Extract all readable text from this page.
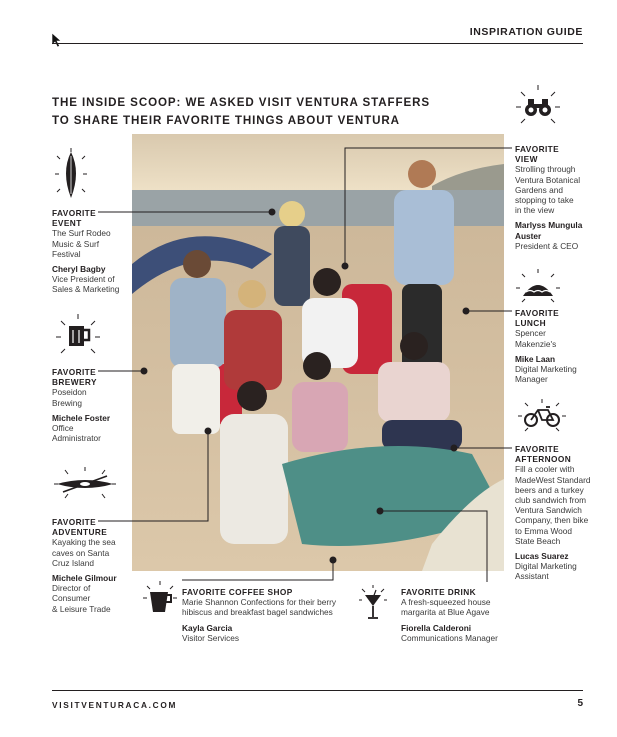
INSPIRATION GUIDE
THE INSIDE SCOOP: WE ASKED VISIT VENTURA STAFFERS
TO SHARE THEIR FAVORITE THINGS ABOUT VENTURA
FAVORITE
EVENT
The Surf Rodeo
Music & Surf
Festival
Cheryl Bagby
Vice President of
Sales & Marketing
FAVORITE
BREWERY
Poseidon
Brewing
Michele Foster
Office
Administrator
FAVORITE
ADVENTURE
Kayaking the sea
caves on Santa
Cruz Island
Michele Gilmour
Director of
Consumer
& Leisure Trade
FAVORITE
VIEW
Strolling through
Ventura Botanical
Gardens and
stopping to take
in the view
Marlyss Mungula
Auster
President & CEO
FAVORITE
LUNCH
Spencer
Makenzie's
Mike Laan
Digital Marketing
Manager
FAVORITE
AFTERNOON
Fill a cooler with
MadeWest Standard
beers and a turkey
club sandwich from
Ventura Sandwich
Company, then bike
to Emma Wood
State Beach
Lucas Suarez
Digital Marketing
Assistant
FAVORITE COFFEE SHOP
Marie Shannon Confections for their berry
hibiscus and breakfast bagel sandwiches
Kayla Garcia
Visitor Services
FAVORITE DRINK
A fresh-squeezed house
margarita at Blue Agave
Fiorella Calderoni
Communications Manager
VISITVENTURACA.COM	5
